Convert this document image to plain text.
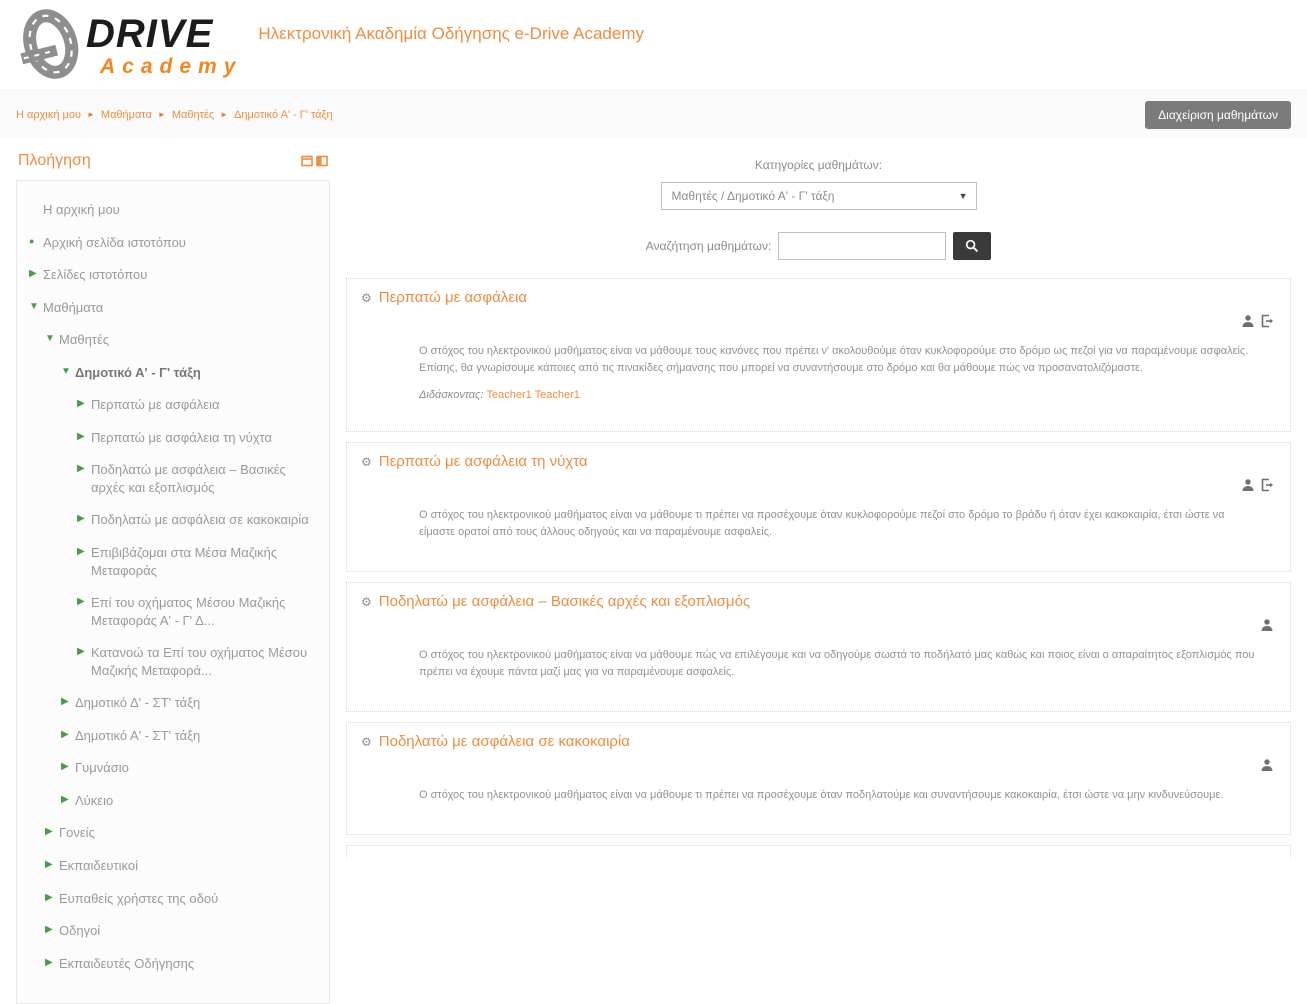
DRIVE
Academy
Ηλεκτρονική Ακαδημία Οδήγησης e-Drive Academy
Η αρχική μου ► Μαθήματα ► Μαθητές ► Δημοτικό Α' - Γ' τάξη	Διαχείριση μαθημάτων
Πλοήγηση
Η αρχική μου
● Αρχική σελίδα ιστοτόπου
▶ Σελίδες ιστοτόπου
▼ Μαθήματα
▼ Μαθητές
▼ Δημοτικό Α' - Γ' τάξη
▶ Περπατώ με ασφάλεια
▶ Περπατώ με ασφάλεια τη νύχτα
▶ Ποδηλατώ με ασφάλεια – Βασικές αρχές και εξοπλισμός
▶ Ποδηλατώ με ασφάλεια σε κακοκαιρία
▶ Επιβιβάζομαι στα Μέσα Μαζικής Μεταφοράς
▶ Επί του οχήματος Μέσου Μαζικής Μεταφοράς Α' - Γ' Δ...
▶ Κατανοώ τα Επί του οχήματος Μέσου Μαζικής Μεταφορά...
▶ Δημοτικό Δ' - ΣΤ' τάξη
▶ Δημοτικό Α' - ΣΤ' τάξη
▶ Γυμνάσιο
▶ Λύκειο
▶ Γονείς
▶ Εκπαιδευτικοί
▶ Ευπαθείς χρήστες της οδού
▶ Οδηγοί
▶ Εκπαιδευτές Οδήγησης
Κατηγορίες μαθημάτων:
Μαθητές / Δημοτικό Α' - Γ' τάξη	▼
Αναζήτηση μαθημάτων:
⚙ Περπατώ με ασφάλεια

Ο στόχος του ηλεκτρονικού μαθήματος είναι να μάθουμε τους κανόνες που πρέπει ν' ακολουθούμε όταν κυκλοφορούμε στο δρόμο ως πεζοί για να παραμένουμε ασφαλείς. Επίσης, θα γνωρίσουμε κάποιες από τις πινακίδες σήμανσης που μπορεί να συναντήσουμε στο δρόμο και θα μάθουμε πώς να προσανατολιζόμαστε.

Διδάσκοντας: Teacher1 Teacher1

⚙ Περπατώ με ασφάλεια τη νύχτα

Ο στόχος του ηλεκτρονικού μαθήματος είναι να μάθουμε τι πρέπει να προσέχουμε όταν κυκλοφορούμε πεζοί στο δρόμο το βράδυ ή όταν έχει κακοκαιρία, έτσι ώστε να είμαστε ορατοί από τους άλλους οδηγούς και να παραμένουμε ασφαλείς.

⚙ Ποδηλατώ με ασφάλεια – Βασικές αρχές και εξοπλισμός

Ο στόχος του ηλεκτρονικού μαθήματος είναι να μάθουμε πώς να επιλέγουμε και να οδηγούμε σωστά το ποδήλατό μας καθώς και ποιος είναι ο απαραίτητος εξοπλισμός που πρέπει να έχουμε πάντα μαζί μας για να παραμένουμε ασφαλείς.

⚙ Ποδηλατώ με ασφάλεια σε κακοκαιρία

Ο στόχος του ηλεκτρονικού μαθήματος είναι να μάθουμε τι πρέπει να προσέχουμε όταν ποδηλατούμε και συναντήσουμε κακοκαιρία, έτσι ώστε να μην κινδυνεύσουμε.
